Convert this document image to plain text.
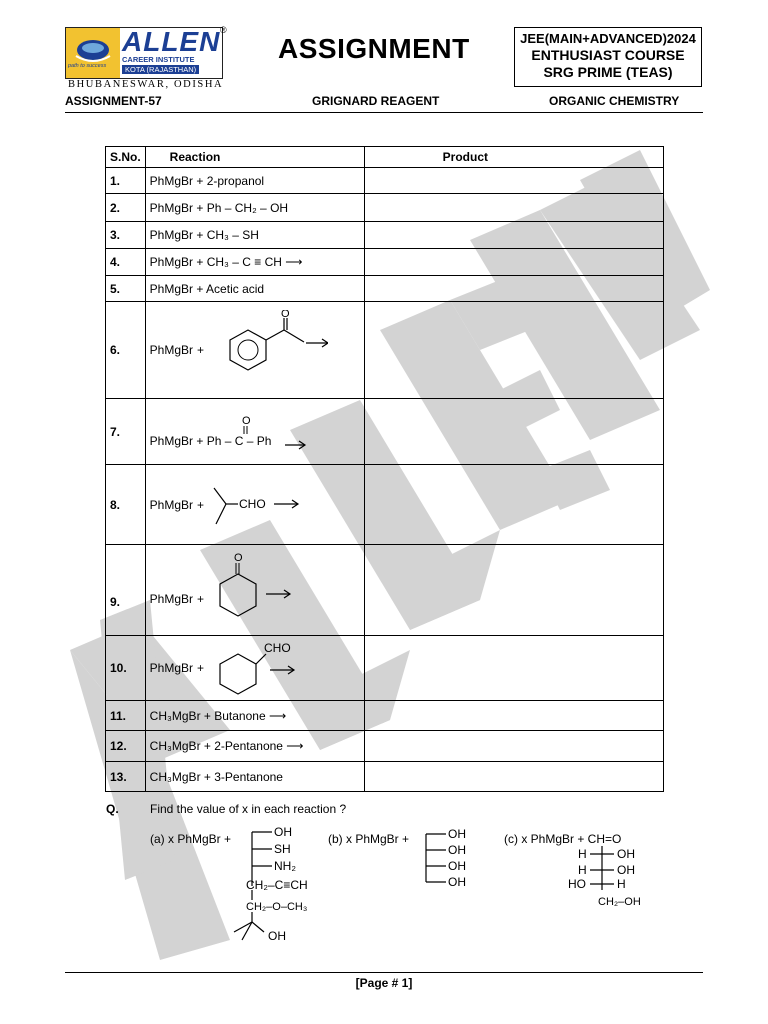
ALLEN
CAREER INSTITUTE
KOTA (RAJASTHAN)
path to success
®
BHUBANESWAR, ODISHA
ASSIGNMENT	JEE(MAIN+ADVANCED)2024
ENTHUSIAST COURSE
SRG PRIME (TEAS)
ASSIGNMENT-57	GRIGNARD REAGENT	ORGANIC CHEMISTRY
S.No.	Reaction	Product
1.	PhMgBr + 2-propanol	
2.	PhMgBr + Ph – CH₂ – OH	
3.	PhMgBr + CH₃ – SH	
4.	PhMgBr + CH₃ – C ≡ CH ⟶	
5.	PhMgBr + Acetic acid	
6.	PhMgBr +
O	

7.	O
PhMgBr + Ph – C – Ph	

8.	PhMgBr + CHO	

9.	PhMgBr +
O	

10.	PhMgBr +
CHO	

11.	CH₃MgBr + Butanone ⟶	
12.	CH₃MgBr + 2-Pentanone ⟶	
13.	CH₃MgBr + 3-Pentanone	
Q.	Find the value of x in each reaction ?
(a) x PhMgBr +	OH
SH
NH₂
CH₂–C≡CH
CH₂–O–CH₃
OH
(b) x PhMgBr +	OH
OH
OH
OH
(c) x PhMgBr + CH=O
H	OH
H	OH
HO	H
CH₂–OH
[Page # 1]
